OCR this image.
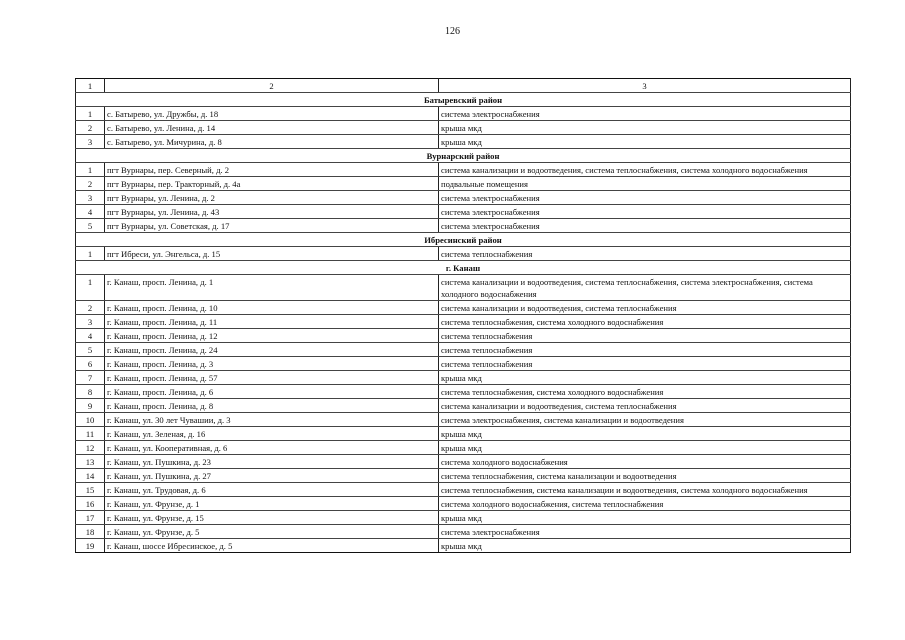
126
1	2	3
Батыревский район		
1	с. Батырево, ул. Дружбы, д. 18	система электроснабжения
2	с. Батырево, ул. Ленина, д. 14	крыша мкд
3	с. Батырево, ул. Мичурина, д. 8	крыша мкд
Вурнарский район		
1	пгт Вурнары, пер. Северный, д. 2	система канализации и водоотведения, система теплоснабжения, система холодного водоснабжения
2	пгт Вурнары, пер. Тракторный, д. 4а	подвальные помещения
3	пгт Вурнары, ул. Ленина, д. 2	система электроснабжения
4	пгт Вурнары, ул. Ленина, д. 43	система электроснабжения
5	пгт Вурнары, ул. Советская, д. 17	система электроснабжения
Ибресинский район		
1	пгт Ибреси, ул. Энгельса, д. 15	система теплоснабжения
г. Канаш		
1	г. Канаш, просп. Ленина, д. 1	система канализации и водоотведения, система теплоснабжения, система электроснабжения, система холодного водоснабжения
2	г. Канаш, просп. Ленина, д. 10	система канализации и водоотведения, система теплоснабжения
3	г. Канаш, просп. Ленина, д. 11	система теплоснабжения, система холодного водоснабжения
4	г. Канаш, просп. Ленина, д. 12	система теплоснабжения
5	г. Канаш, просп. Ленина, д. 24	система теплоснабжения
6	г. Канаш, просп. Ленина, д. 3	система теплоснабжения
7	г. Канаш, просп. Ленина, д. 57	крыша мкд
8	г. Канаш, просп. Ленина, д. 6	система теплоснабжения, система холодного водоснабжения
9	г. Канаш, просп. Ленина, д. 8	система канализации и водоотведения, система теплоснабжения
10	г. Канаш, ул. 30 лет Чувашии, д. 3	система электроснабжения, система канализации и водоотведения
11	г. Канаш, ул. Зеленая, д. 16	крыша мкд
12	г. Канаш, ул. Кооперативная, д. 6	крыша мкд
13	г. Канаш, ул. Пушкина, д. 23	система холодного водоснабжения
14	г. Канаш, ул. Пушкина, д. 27	система теплоснабжения, система канализации и водоотведения
15	г. Канаш, ул. Трудовая, д. 6	система теплоснабжения, система канализации и водоотведения, система холодного водоснабжения
16	г. Канаш, ул. Фрунзе, д. 1	система холодного водоснабжения, система теплоснабжения
17	г. Канаш, ул. Фрунзе, д. 15	крыша мкд
18	г. Канаш, ул. Фрунзе, д. 5	система электроснабжения
19	г. Канаш, шоссе Ибресинское, д. 5	крыша мкд
